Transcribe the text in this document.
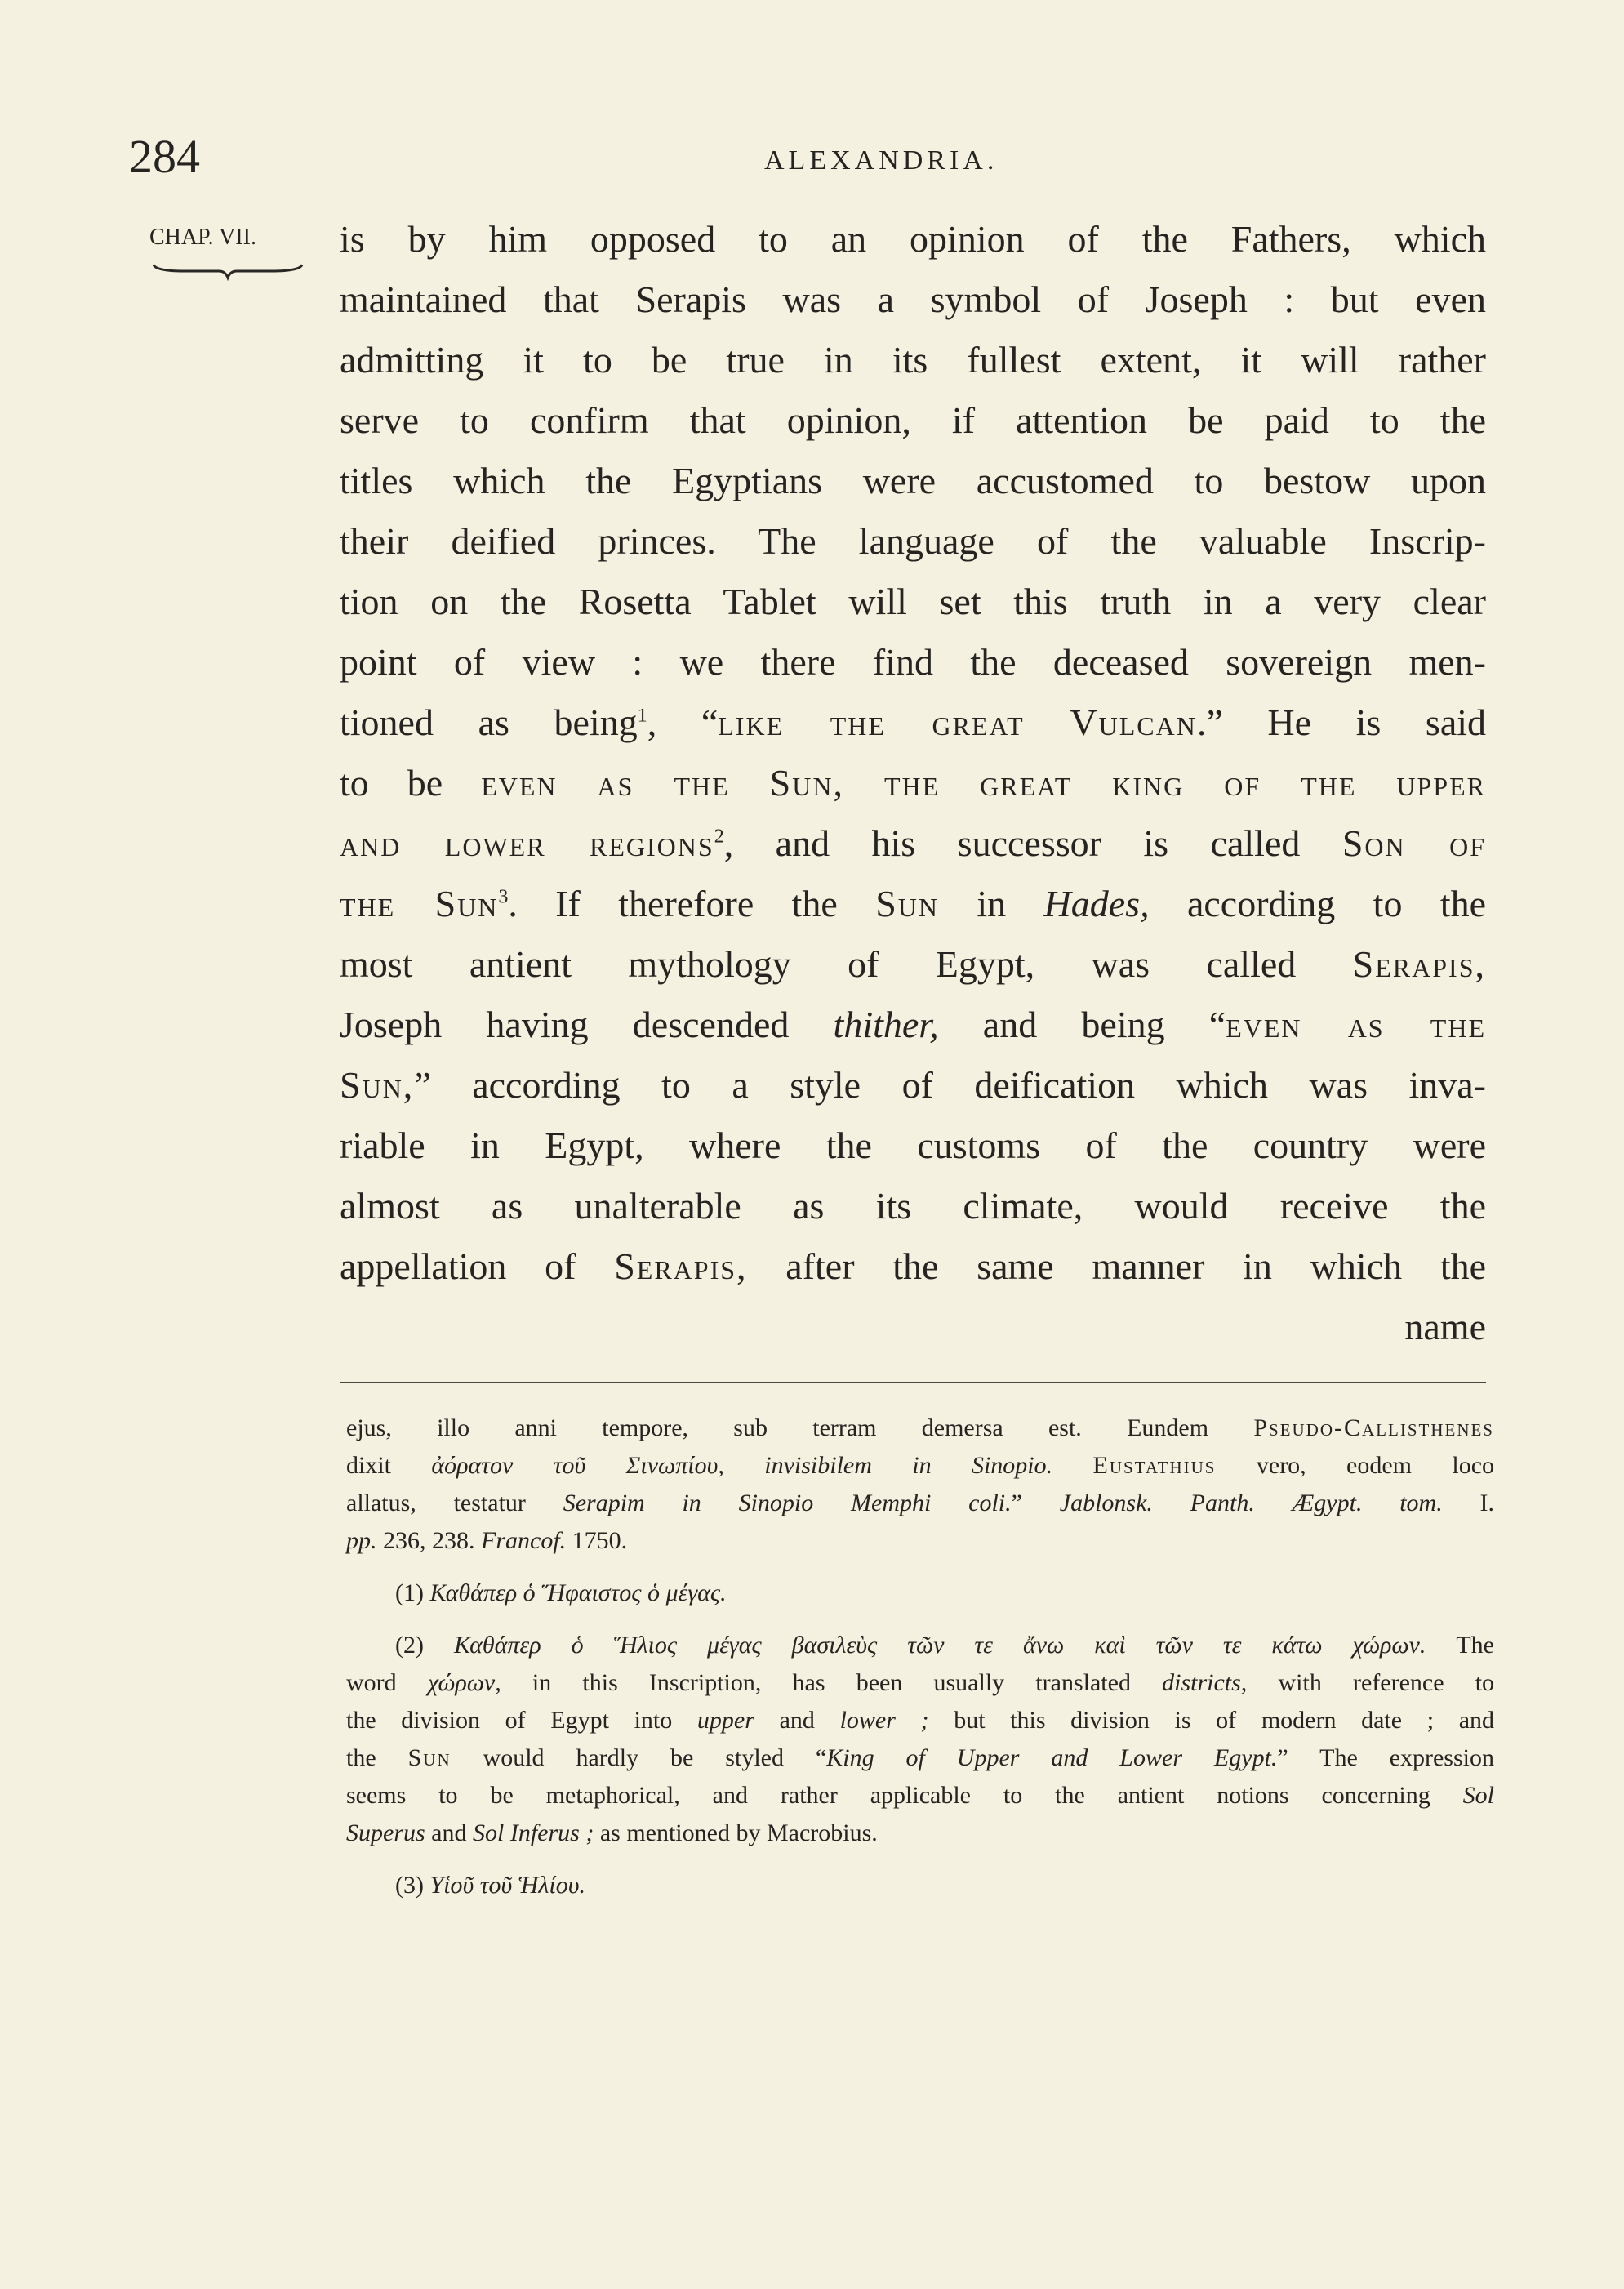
284	ALEXANDRIA.
CHAP. VII. is by him opposed to an opinion of the Fathers, which
maintained that Serapis was a symbol of Joseph : but even
admitting it to be true in its fullest extent, it will rather
serve to confirm that opinion, if attention be paid to the
titles which the Egyptians were accustomed to bestow upon
their deified princes. The language of the valuable Inscrip-
tion on the Rosetta Tablet will set this truth in a very clear
point of view : we there find the deceased sovereign men-
tioned as being$^1$, “like the great Vulcan.” He is said
to be even as the Sun, the great king of the upper
and lower regions$^2$, and his successor is called Son of
the Sun$^3$. If therefore the Sun in Hades, according to the
most antient mythology of Egypt, was called Serapis,
Joseph having descended thither, and being “even as the
Sun,” according to a style of deification which was inva-
riable in Egypt, where the customs of the country were
almost as unalterable as its climate, would receive the
appellation of Serapis, after the same manner in which the
name
ejus, illo anni tempore, sub terram demersa est. Eundem Pseudo-Callisthenes
dixit ἀόρατον τοῦ Σινωπίου, invisibilem in Sinopio. Eustathius vero, eodem loco
allatus, testatur Serapim in Sinopio Memphi coli.” Jablonsk. Panth. Ægypt. tom. I.
pp. 236, 238. Francof. 1750.
(1) Καθάπερ ὁ Ἥφαιστος ὁ μέγας.
(2) Καθάπερ ὁ Ἥλιος μέγας βασιλεὺς τῶν τε ἄνω καὶ τῶν τε κάτω χώρων. The
word χώρων, in this Inscription, has been usually translated districts, with reference to
the division of Egypt into upper and lower ; but this division is of modern date ; and
the Sun would hardly be styled “King of Upper and Lower Egypt.” The expression
seems to be metaphorical, and rather applicable to the antient notions concerning Sol
Superus and Sol Inferus ; as mentioned by Macrobius.
(3) Υἱοῦ τοῦ Ἡλίου.
